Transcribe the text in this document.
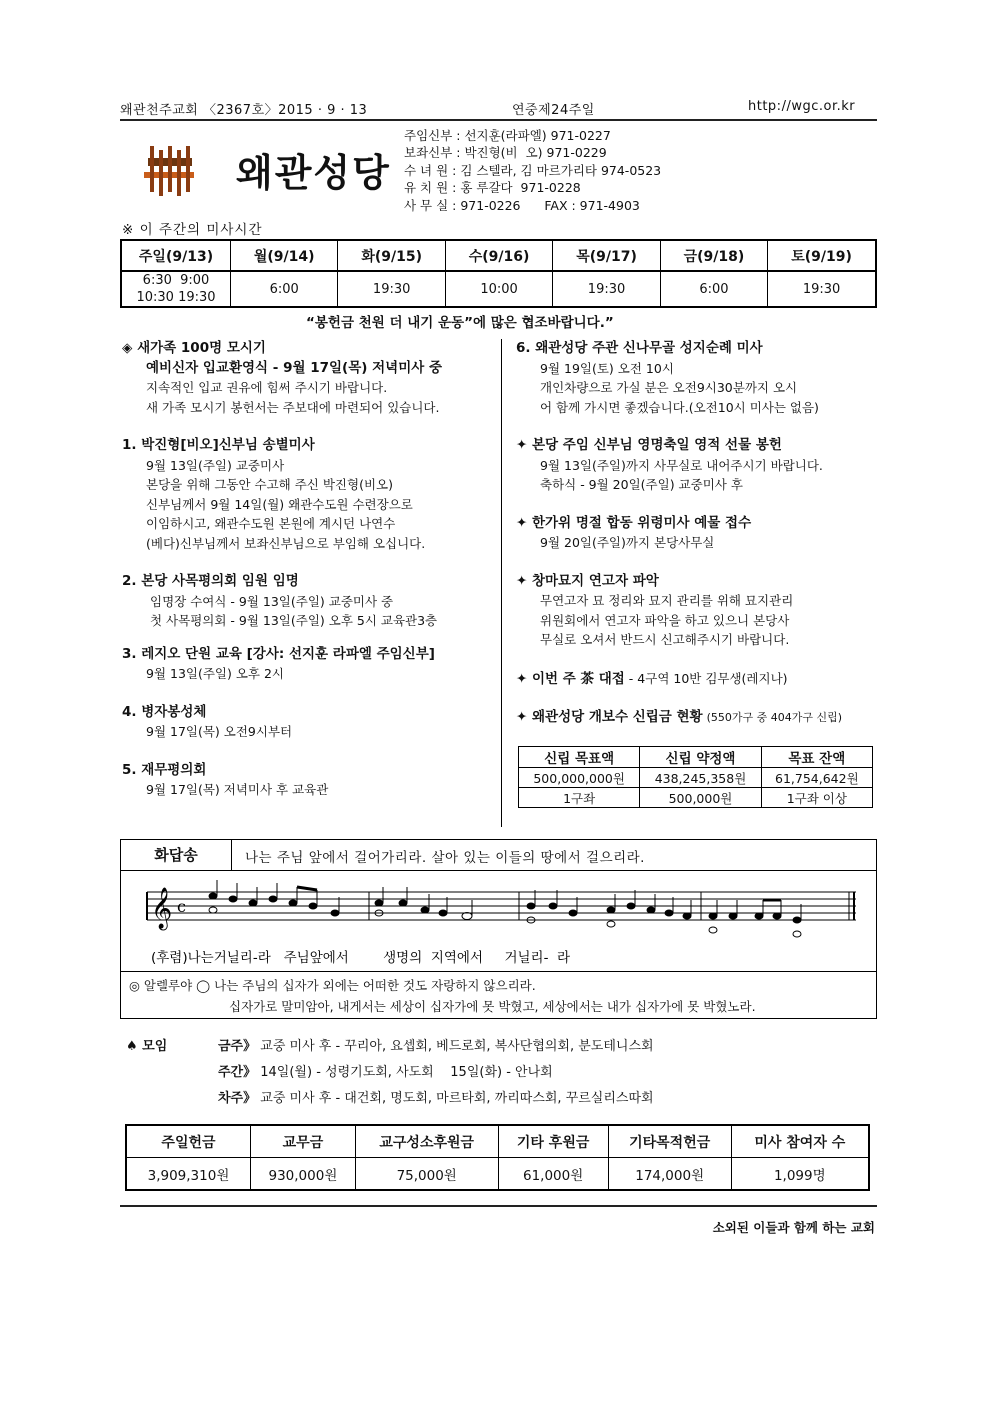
왜관천주교회 〈2367호〉2015 · 9 · 13	연중제24주일	http://wgc.or.kr
왜관성당
주임신부 : 선지훈(라파엘) 971-0227
보좌신부 : 박진형(비  오) 971-0229
수 녀 원 : 김 스텔라, 김 마르가리타 974-0523
유 치 원 : 홍 루갈다  971-0228
사 무 실 : 971-0226      FAX : 971-4903
※ 이 주간의 미사시간
주일(9/13)	월(9/14)	화(9/15)	수(9/16)	목(9/17)	금(9/18)	토(9/19)

6:30  9:00
10:30 19:30	6:00	19:30	10:00	19:30	6:00	19:30
“봉헌금 천원 더 내기 운동”에 많은 협조바랍니다.”
◈ 새가족 100명 모시기
예비신자 입교환영식 - 9월 17일(목) 저녁미사 중
지속적인 입교 권유에 힘써 주시기 바랍니다.
새 가족 모시기 봉헌서는 주보대에 마련되어 있습니다.
1. 박진형[비오]신부님 송별미사
9월 13일(주일) 교중미사
본당을 위해 그동안 수고해 주신 박진형(비오)
신부님께서 9월 14일(월) 왜관수도원 수련장으로
이임하시고, 왜관수도원 본원에 계시던 나연수
(베다)신부님께서 보좌신부님으로 부임해 오십니다.
2. 본당 사목평의회 임원 임명
임명장 수여식 - 9월 13일(주일) 교중미사 중
첫 사목평의회 - 9월 13일(주일) 오후 5시 교육관3층
3. 레지오 단원 교육 [강사: 선지훈 라파엘 주임신부]
9월 13일(주일) 오후 2시
4. 병자봉성체
9월 17일(목) 오전9시부터
5. 재무평의회
9월 17일(목) 저녁미사 후 교육관
6. 왜관성당 주관 신나무골 성지순례 미사
9월 19일(토) 오전 10시
개인차량으로 가실 분은 오전9시30분까지 오시
어 함께 가시면 좋겠습니다.(오전10시 미사는 없음)
✦ 본당 주임 신부님 영명축일 영적 선물 봉헌
9월 13일(주일)까지 사무실로 내어주시기 바랍니다.
축하식 - 9월 20일(주일) 교중미사 후
✦ 한가위 명절 합동 위령미사 예물 접수
9월 20일(주일)까지 본당사무실
✦ 창마묘지 연고자 파악
무연고자 묘 정리와 묘지 관리를 위해 묘지관리
위원회에서 연고자 파악을 하고 있으니 본당사
무실로 오셔서 반드시 신고해주시기 바랍니다.
✦ 이번 주 茶 대접 - 4구역 10반 김무생(레지나)
✦ 왜관성당 개보수 신립금 현황 (550가구 중 404가구 신립)
신립 목표액	신립 약정액	목표 잔액
500,000,000원	438,245,358원	61,754,642원
1구좌	500,000원	1구좌 이상
화답송	나는 주님 앞에서 걸어가리라. 살아 있는 이들의 땅에서 걸으리라.
𝄞 c
(후렴)나는거닐리-라   주님앞에서        생명의  지역에서     거닐리-  라
◎ 알렐루야 ◯ 나는 주님의 십자가 외에는 어떠한 것도 자랑하지 않으리라.
십자가로 말미암아, 내게서는 세상이 십자가에 못 박혔고, 세상에서는 내가 십자가에 못 박혔노라.
♠ 모임	금주》 교중 미사 후 - 꾸리아, 요셉회, 베드로회, 복사단협의회, 분도테니스회
주간》 14일(월) - 성령기도회, 사도회    15일(화) - 안나회
차주》 교중 미사 후 - 대건회, 명도회, 마르타회, 까리따스회, 꾸르실리스따회
주일헌금	교무금	교구성소후원금	기타 후원금	기타목적헌금	미사 참여자 수
3,909,310원	930,000원	75,000원	61,000원	174,000원	1,099명
소외된 이들과 함께 하는 교회
